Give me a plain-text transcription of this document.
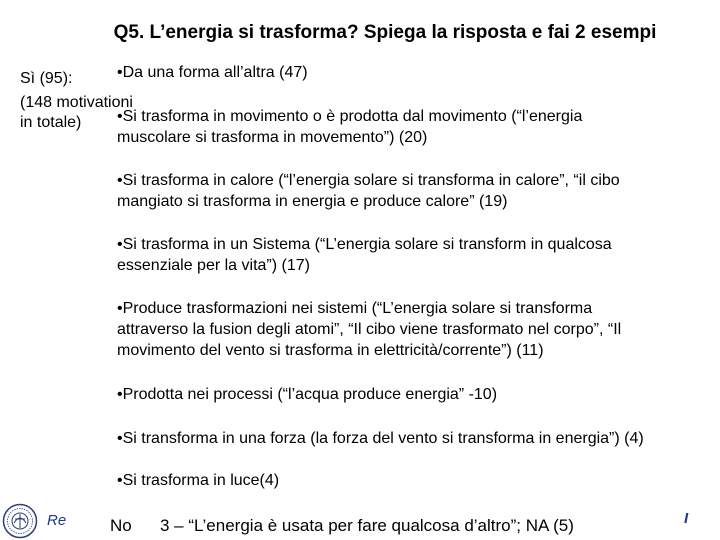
Q5. L’energia si trasforma? Spiega la risposta e fai 2 esempi
Sì (95):
(148 motivationi
in totale)
•Da una forma all’altra (47)
•Si trasforma in movimento o è prodotta dal movimento (“l’energia
muscolare si trasforma in movemento”) (20)
•Si trasforma in calore (“l’energia solare si transforma in calore”, “il cibo
mangiato si trasforma in energia e produce calore” (19)
•Si trasforma in un Sistema (“L’energia solare si transform in qualcosa
essenziale per la vita”) (17)
•Produce trasformazioni nei sistemi (“L’energia solare si transforma
attraverso la fusion degli atomi”, “Il cibo viene trasformato nel corpo”, “Il
movimento del vento si trasforma in elettricità/corrente”) (11)
•Prodotta nei processi (“l’acqua produce energia” -10)
•Si transforma in una forza (la forza del vento si transforma in energia”) (4)
•Si trasforma in luce(4)
No 3 – “L’energia è usata per fare qualcosa d’altro”; NA (5)
Re	I
